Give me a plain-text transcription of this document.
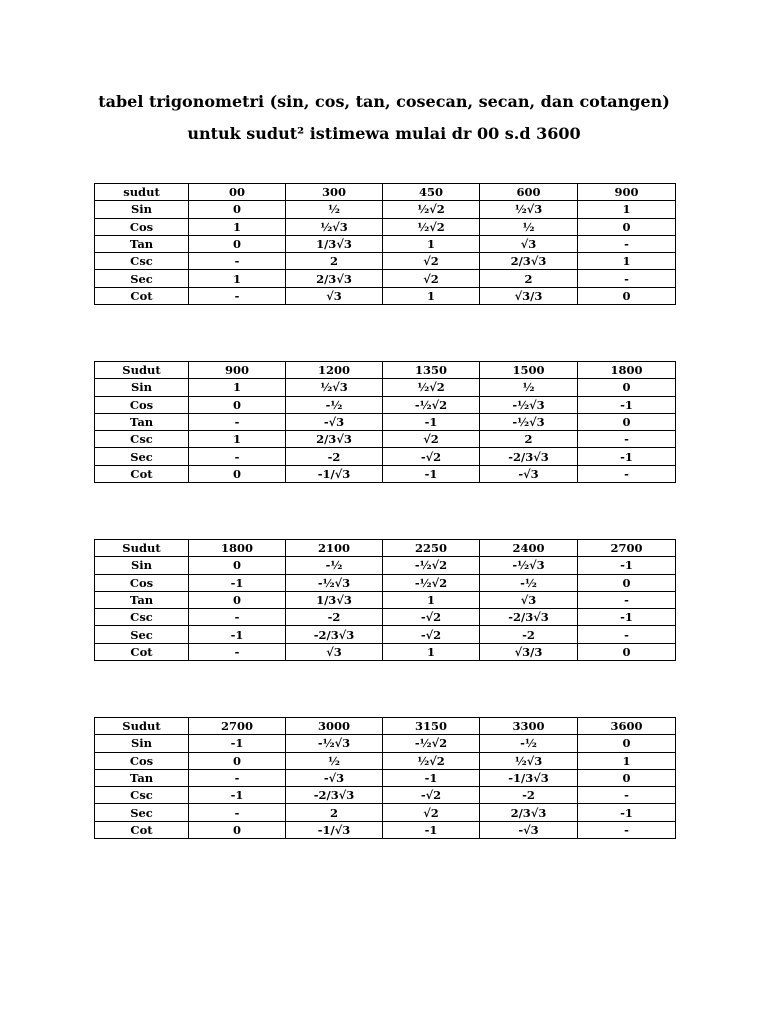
tabel trigonometri (sin, cos, tan, cosecan, secan, dan cotangen)
untuk sudut² istimewa mulai dr 00 s.d 3600
sudut	00	300	450	600	900
Sin	0	½	½√2	½√3	1
Cos	1	½√3	½√2	½	0
Tan	0	1/3√3	1	√3	-
Csc	-	2	√2	2/3√3	1
Sec	1	2/3√3	√2	2	-
Cot	-	√3	1	√3/3	0
Sudut	900	1200	1350	1500	1800
Sin	1	½√3	½√2	½	0
Cos	0	-½	-½√2	-½√3	-1
Tan	-	-√3	-1	-½√3	0
Csc	1	2/3√3	√2	2	-
Sec	-	-2	-√2	-2/3√3	-1
Cot	0	-1/√3	-1	-√3	-
Sudut	1800	2100	2250	2400	2700
Sin	0	-½	-½√2	-½√3	-1
Cos	-1	-½√3	-½√2	-½	0
Tan	0	1/3√3	1	√3	-
Csc	-	-2	-√2	-2/3√3	-1
Sec	-1	-2/3√3	-√2	-2	-
Cot	-	√3	1	√3/3	0
Sudut	2700	3000	3150	3300	3600
Sin	-1	-½√3	-½√2	-½	0
Cos	0	½	½√2	½√3	1
Tan	-	-√3	-1	-1/3√3	0
Csc	-1	-2/3√3	-√2	-2	-
Sec	-	2	√2	2/3√3	-1
Cot	0	-1/√3	-1	-√3	-
